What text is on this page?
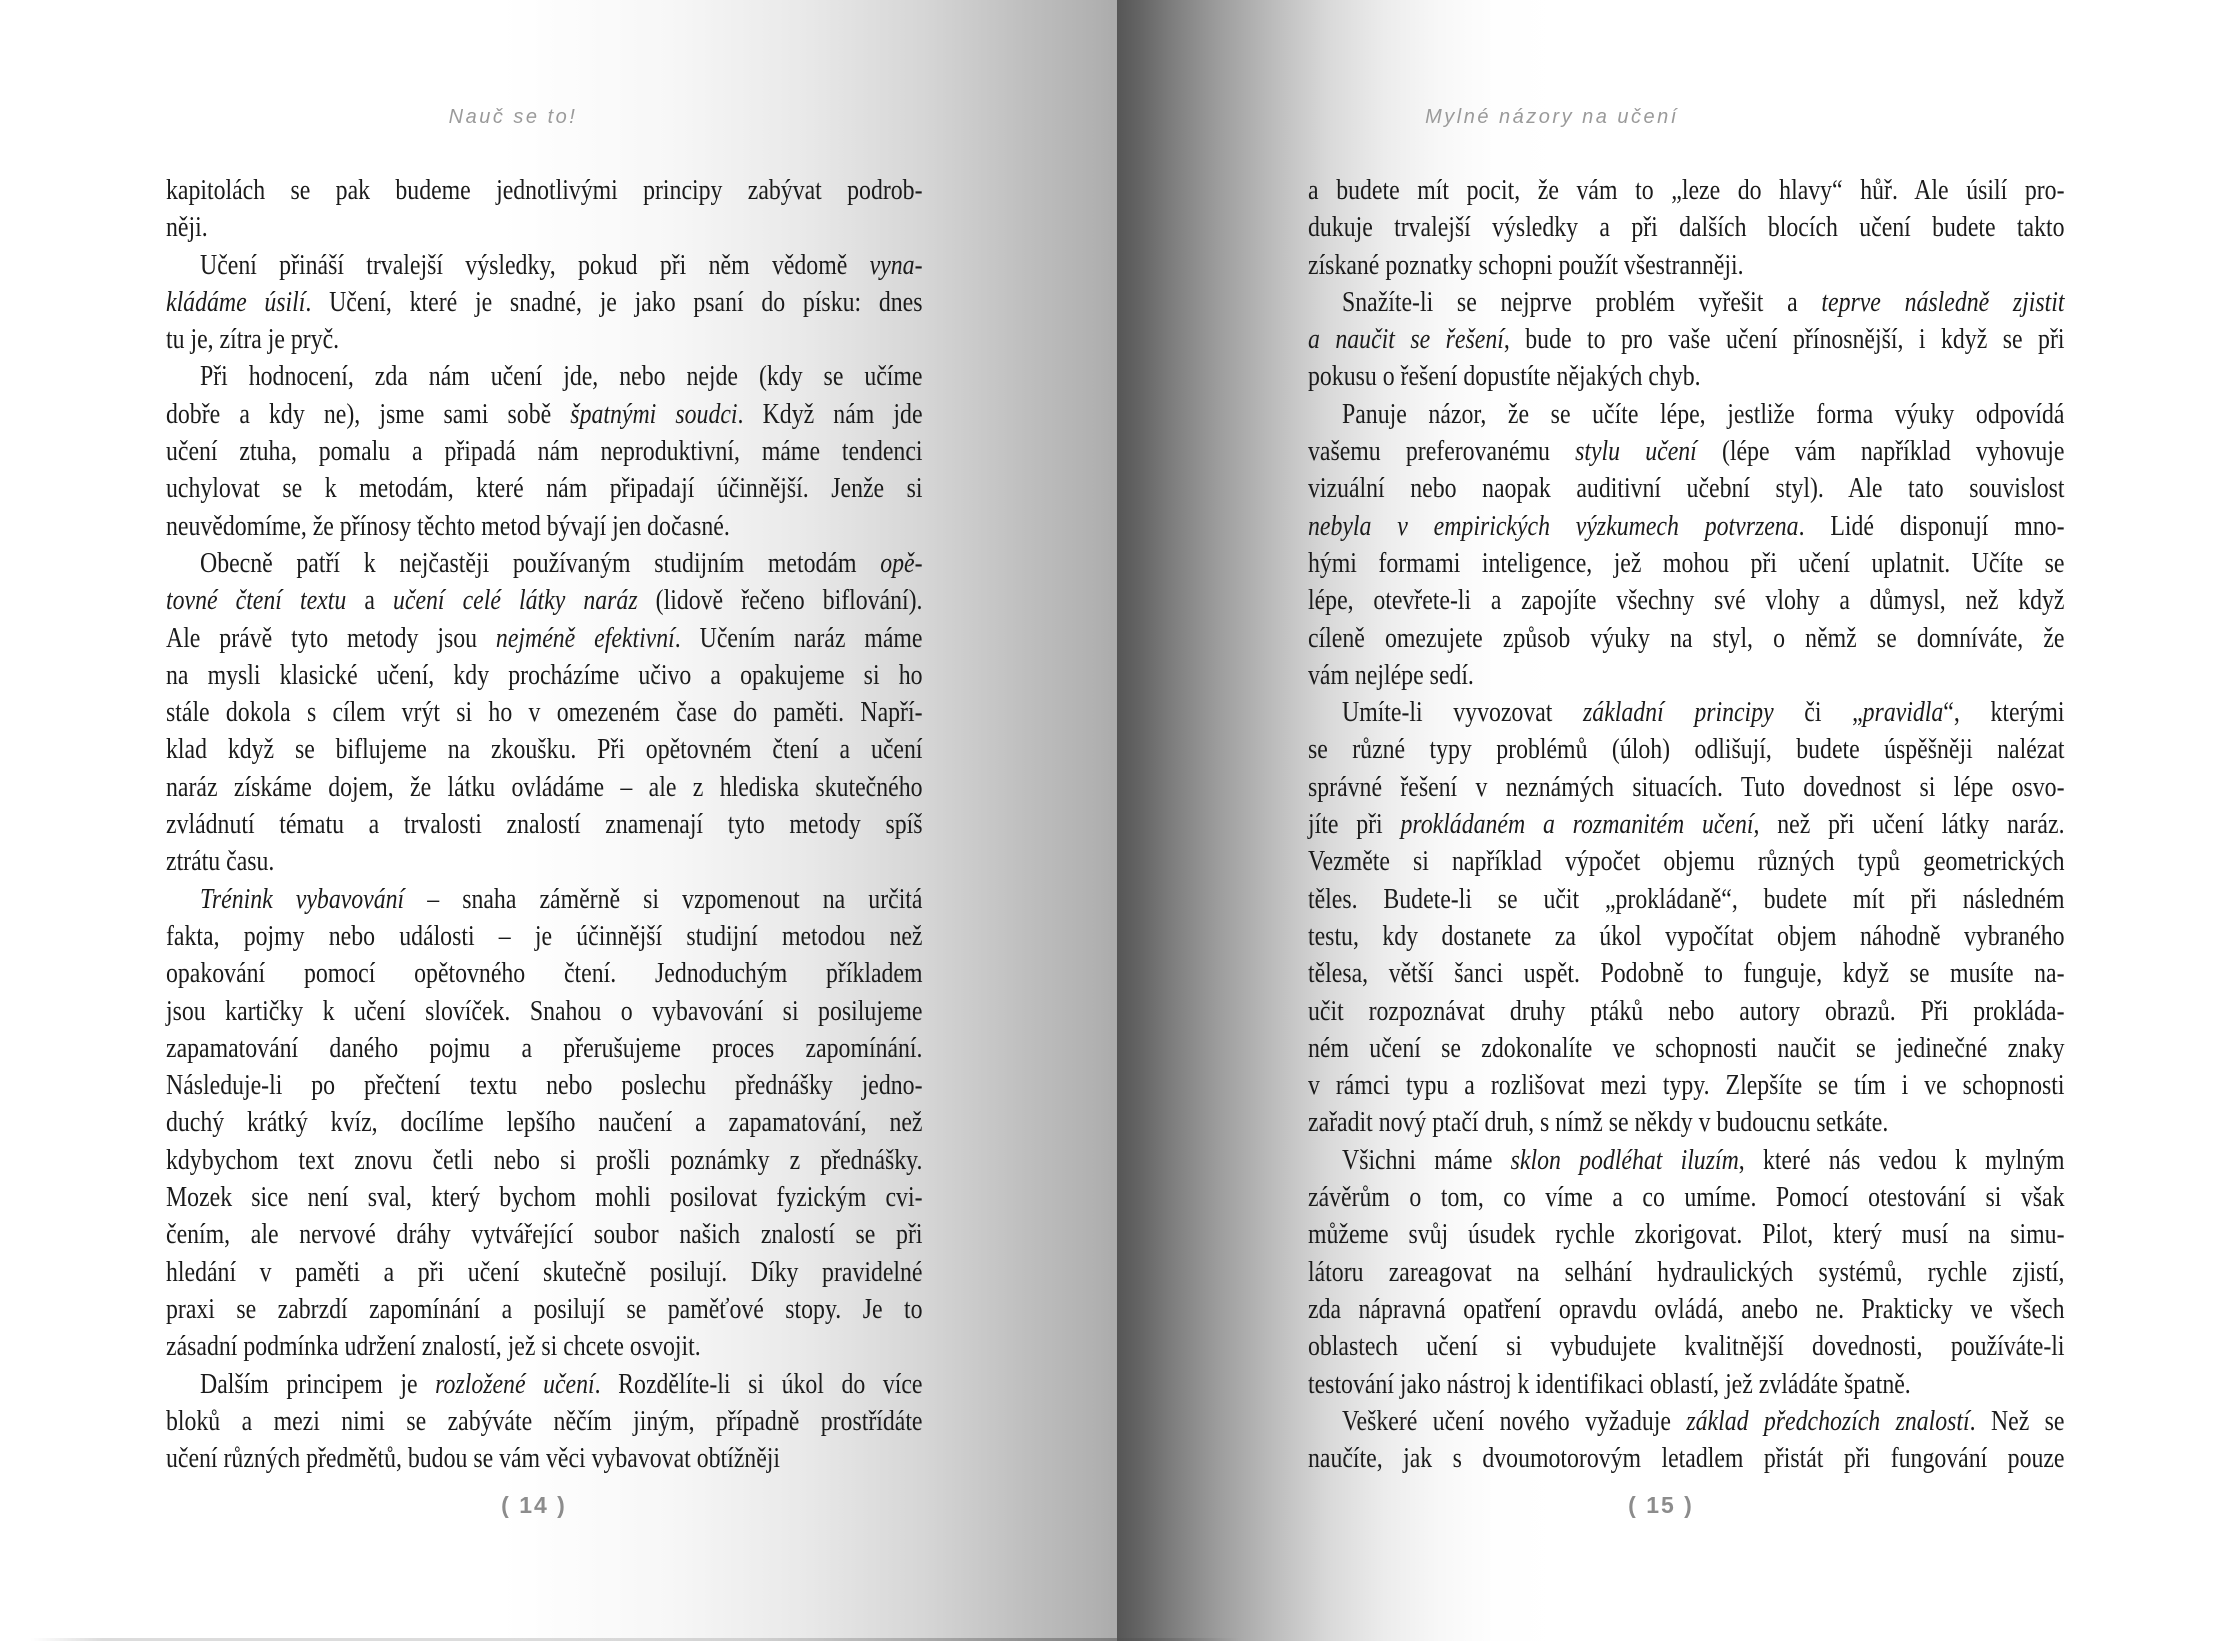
Nauč se to!	Mylné názory na učení
kapitolách se pak budeme jednotlivými principy zabývat podrob-
něji.
Učení přináší trvalejší výsledky, pokud při něm vědomě vyna-
kládáme úsilí. Učení, které je snadné, je jako psaní do písku: dnes
tu je, zítra je pryč.
Při hodnocení, zda nám učení jde, nebo nejde (kdy se učíme
dobře a kdy ne), jsme sami sobě špatnými soudci. Když nám jde
učení ztuha, pomalu a připadá nám neproduktivní, máme tendenci
uchylovat se k metodám, které nám připadají účinnější. Jenže si
neuvědomíme, že přínosy těchto metod bývají jen dočasné.
Obecně patří k nejčastěji používaným studijním metodám opě-
tovné čtení textu a učení celé látky naráz (lidově řečeno biflování).
Ale právě tyto metody jsou nejméně efektivní. Učením naráz máme
na mysli klasické učení, kdy procházíme učivo a opakujeme si ho
stále dokola s cílem vrýt si ho v omezeném čase do paměti. Napří-
klad když se biflujeme na zkoušku. Při opětovném čtení a učení
naráz získáme dojem, že látku ovládáme – ale z hlediska skutečného
zvládnutí tématu a trvalosti znalostí znamenají tyto metody spíš
ztrátu času.
Trénink vybavování – snaha záměrně si vzpomenout na určitá
fakta, pojmy nebo události – je účinnější studijní metodou než
opakování pomocí opětovného čtení. Jednoduchým příkladem
jsou kartičky k učení slovíček. Snahou o vybavování si posilujeme
zapamatování daného pojmu a přerušujeme proces zapomínání.
Následuje-li po přečtení textu nebo poslechu přednášky jedno-
duchý krátký kvíz, docílíme lepšího naučení a zapamatování, než
kdybychom text znovu četli nebo si prošli poznámky z přednášky.
Mozek sice není sval, který bychom mohli posilovat fyzickým cvi-
čením, ale nervové dráhy vytvářející soubor našich znalostí se při
hledání v paměti a při učení skutečně posilují. Díky pravidelné
praxi se zabrzdí zapomínání a posilují se paměťové stopy. Je to
zásadní podmínka udržení znalostí, jež si chcete osvojit.
Dalším principem je rozložené učení. Rozdělíte-li si úkol do více
bloků a mezi nimi se zabýváte něčím jiným, případně prostřídáte
učení různých předmětů, budou se vám věci vybavovat obtížněji
a budete mít pocit, že vám to „leze do hlavy“ hůř. Ale úsilí pro-
dukuje trvalejší výsledky a při dalších blocích učení budete takto
získané poznatky schopni použít všestranněji.
Snažíte-li se nejprve problém vyřešit a teprve následně zjistit
a naučit se řešení, bude to pro vaše učení přínosnější, i když se při
pokusu o řešení dopustíte nějakých chyb.
Panuje názor, že se učíte lépe, jestliže forma výuky odpovídá
vašemu preferovanému stylu učení (lépe vám například vyhovuje
vizuální nebo naopak auditivní učební styl). Ale tato souvislost
nebyla v empirických výzkumech potvrzena. Lidé disponují mno-
hými formami inteligence, jež mohou při učení uplatnit. Učíte se
lépe, otevřete-li a zapojíte všechny své vlohy a důmysl, než když
cíleně omezujete způsob výuky na styl, o němž se domníváte, že
vám nejlépe sedí.
Umíte-li vyvozovat základní principy či „pravidla“, kterými
se různé typy problémů (úloh) odlišují, budete úspěšněji nalézat
správné řešení v neznámých situacích. Tuto dovednost si lépe osvo-
jíte při prokládaném a rozmanitém učení, než při učení látky naráz.
Vezměte si například výpočet objemu různých typů geometrických
těles. Budete-li se učit „prokládaně“, budete mít při následném
testu, kdy dostanete za úkol vypočítat objem náhodně vybraného
tělesa, větší šanci uspět. Podobně to funguje, když se musíte na-
učit rozpoznávat druhy ptáků nebo autory obrazů. Při prokláda-
ném učení se zdokonalíte ve schopnosti naučit se jedinečné znaky
v rámci typu a rozlišovat mezi typy. Zlepšíte se tím i ve schopnosti
zařadit nový ptačí druh, s nímž se někdy v budoucnu setkáte.
Všichni máme sklon podléhat iluzím, které nás vedou k mylným
závěrům o tom, co víme a co umíme. Pomocí otestování si však
můžeme svůj úsudek rychle zkorigovat. Pilot, který musí na simu-
látoru zareagovat na selhání hydraulických systémů, rychle zjistí,
zda nápravná opatření opravdu ovládá, anebo ne. Prakticky ve všech
oblastech učení si vybudujete kvalitnější dovednosti, používáte-li
testování jako nástroj k identifikaci oblastí, jež zvládáte špatně.
Veškeré učení nového vyžaduje základ předchozích znalostí. Než se
naučíte, jak s dvoumotorovým letadlem přistát při fungování pouze
( 14 )	( 15 )
